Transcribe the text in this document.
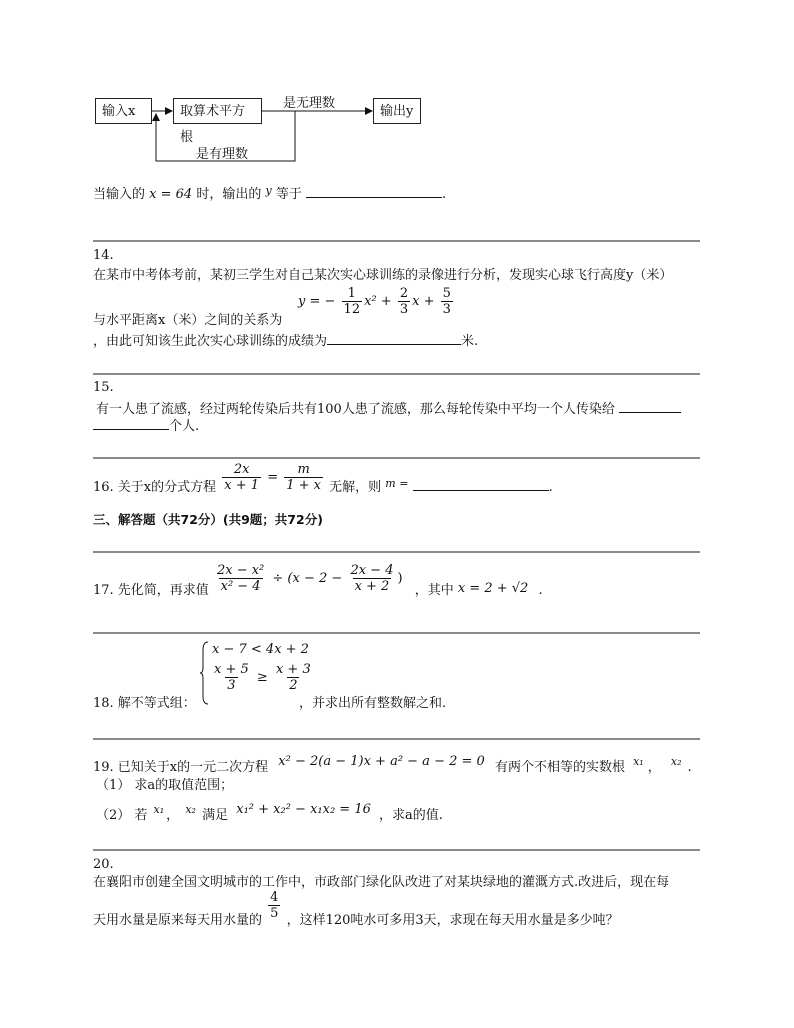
输入x	取算术平方根
输出y
是无理数
是有理数
当输入的 x = 64 时，输出的 $^y$ 等于	.
14.
在某市中考体考前，某初三学生对自己某次实心球训练的录像进行分析，发现实心球飞行高度y（米）
与水平距离x（米）之间的关系为
y = − $\frac{1}{12} x^2 + \frac{2}{3}$ $x + \frac{5}{3}$
，由此可知该生此次实心球训练的成绩为	米.
15.
有一人患了流感，经过两轮传染后共有100人患了流感，那么每轮传染中平均一个人传染给
个人.
16. 关于x的分式方程 $\frac{2x}{x + 1} = \frac{m}{1 + x}$ 无解，则 $_{m =}$	.
三、解答题（共72分）(共9题；共72分)
17. 先化简，再求值 $\frac{\text{2x − x²}}{\text{x² − 4}} \div (x - 2 - \frac{2x - 4}{x + 2}$ ) ，其中 x = 2 + √2 .
18. 解不等式组：
x − 7 < 4x + 2
$\frac{x + 5}{3} \ge \frac{x + 3}{2}$
，并求出所有整数解之和.
19. 已知关于x的一元二次方程 x² − 2(a − 1)x + a² − a − 2 = 0 有两个不相等的实数根 $^{x_1}$ ， $^{x_2}$ .
（1） 求a的取值范围；
（2） 若 $^{x_1}$ ， $^{x_2}$ 满足 x₁² + x₂² − x₁x₂ = 16 ，求a的值.
20.
在襄阳市创建全国文明城市的工作中，市政部门绿化队改进了对某块绿地的灌溉方式.改进后，现在每
天用水量是原来每天用水量的 $\frac{4}{5}$ ，这样120吨水可多用3天，求现在每天用水量是多少吨？
